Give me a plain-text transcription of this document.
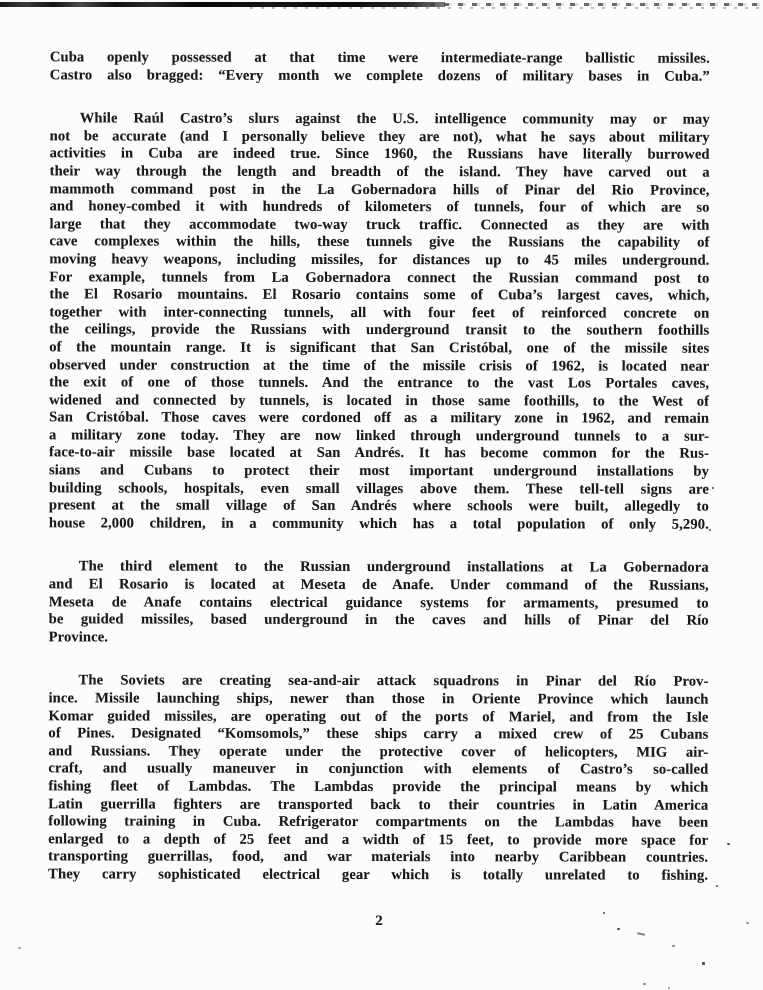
Cuba openly possessed at that time were intermediate-range ballistic missiles.
Castro also bragged: “Every month we complete dozens of military bases in Cuba.”
While Raúl Castro’s slurs against the U.S. intelligence community may or may
not be accurate (and I personally believe they are not), what he says about military
activities in Cuba are indeed true. Since 1960, the Russians have literally burrowed
their way through the length and breadth of the island. They have carved out a
mammoth command post in the La Gobernadora hills of Pinar del Rio Province,
and honey-combed it with hundreds of kilometers of tunnels, four of which are so
large that they accommodate two-way truck traffic. Connected as they are with
cave complexes within the hills, these tunnels give the Russians the capability of
moving heavy weapons, including missiles, for distances up to 45 miles underground.
For example, tunnels from La Gobernadora connect the Russian command post to
the El Rosario mountains. El Rosario contains some of Cuba’s largest caves, which,
together with inter-connecting tunnels, all with four feet of reinforced concrete on
the ceilings, provide the Russians with underground transit to the southern foothills
of the mountain range. It is significant that San Cristóbal, one of the missile sites
observed under construction at the time of the missile crisis of 1962, is located near
the exit of one of those tunnels. And the entrance to the vast Los Portales caves,
widened and connected by tunnels, is located in those same foothills, to the West of
San Cristóbal. Those caves were cordoned off as a military zone in 1962, and remain
a military zone today. They are now linked through underground tunnels to a sur-
face-to-air missile base located at San Andrés. It has become common for the Rus-
sians and Cubans to protect their most important underground installations by
building schools, hospitals, even small villages above them. These tell-tell signs are
present at the small village of San Andrés where schools were built, allegedly to
house 2,000 children, in a community which has a total population of only 5,290.
The third element to the Russian underground installations at La Gobernadora
and El Rosario is located at Meseta de Anafe. Under command of the Russians,
Meseta de Anafe contains electrical guidance systems for armaments, presumed to
be guided missiles, based underground in the caves and hills of Pinar del Río
Province.
The Soviets are creating sea-and-air attack squadrons in Pinar del Río Prov-
ince. Missile launching ships, newer than those in Oriente Province which launch
Komar guided missiles, are operating out of the ports of Mariel, and from the Isle
of Pines. Designated “Komsomols,” these ships carry a mixed crew of 25 Cubans
and Russians. They operate under the protective cover of helicopters, MIG air-
craft, and usually maneuver in conjunction with elements of Castro’s so-called
fishing fleet of Lambdas. The Lambdas provide the principal means by which
Latin guerrilla fighters are transported back to their countries in Latin America
following training in Cuba. Refrigerator compartments on the Lambdas have been
enlarged to a depth of 25 feet and a width of 15 feet, to provide more space for
transporting guerrillas, food, and war materials into nearby Caribbean countries.
They carry sophisticated electrical gear which is totally unrelated to fishing.
2
